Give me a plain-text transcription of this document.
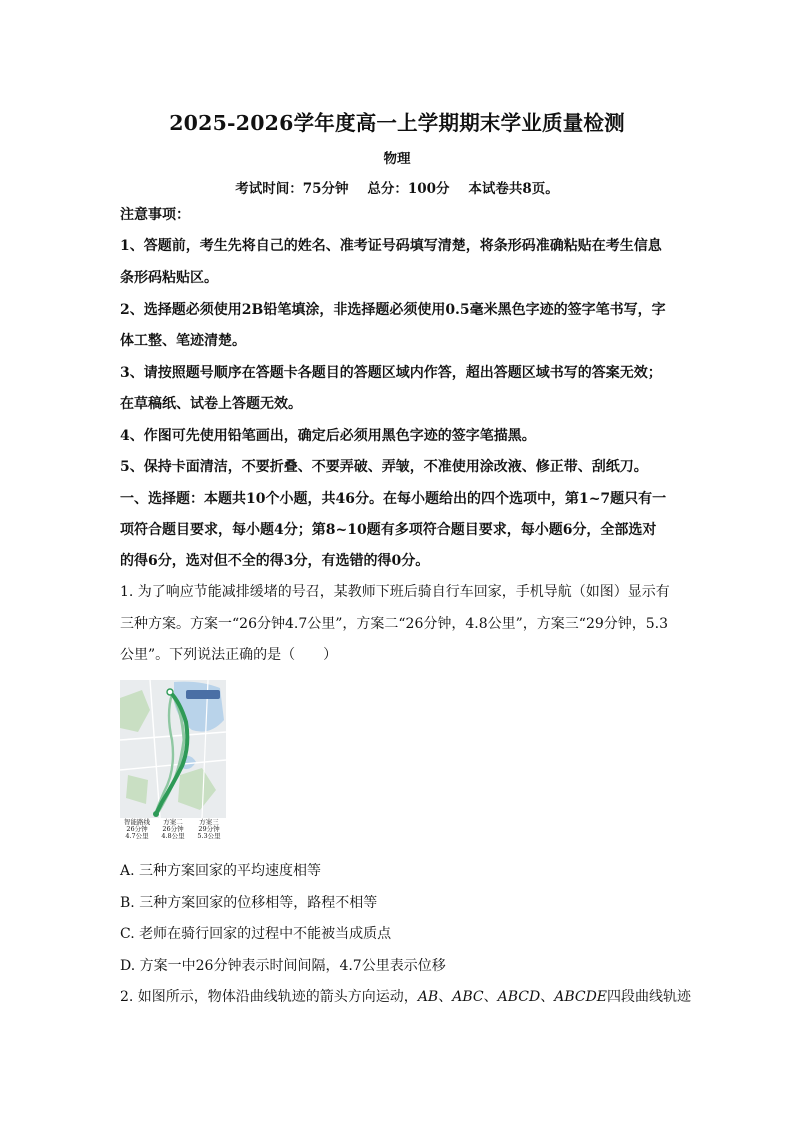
2025-2026学年度高一上学期期末学业质量检测
物理
考试时间：75分钟    总分：100分    本试卷共8页。
注意事项：
1、答题前，考生先将自己的姓名、准考证号码填写清楚，将条形码准确粘贴在考生信息
条形码粘贴区。
2、选择题必须使用2B铅笔填涂，非选择题必须使用0.5毫米黑色字迹的签字笔书写，字
体工整、笔迹清楚。
3、请按照题号顺序在答题卡各题目的答题区域内作答，超出答题区域书写的答案无效；
在草稿纸、试卷上答题无效。
4、作图可先使用铅笔画出，确定后必须用黑色字迹的签字笔描黑。
5、保持卡面清洁，不要折叠、不要弄破、弄皱，不准使用涂改液、修正带、刮纸刀。
一、选择题：本题共10个小题，共46分。在每小题给出的四个选项中，第1~7题只有一
项符合题目要求，每小题4分；第8~10题有多项符合题目要求，每小题6分，全部选对
的得6分，选对但不全的得3分，有选错的得0分。
1. 为了响应节能减排缓堵的号召，某教师下班后骑自行车回家，手机导航（如图）显示有
三种方案。方案一“26分钟4.7公里”，方案二“26分钟，4.8公里”，方案三“29分钟，5.3
公里”。下列说法正确的是（　　）
智能路线
26分钟
4.7公里
方案二
26分钟
4.8公里
方案三
29分钟
5.3公里
A. 三种方案回家的平均速度相等
B. 三种方案回家的位移相等，路程不相等
C. 老师在骑行回家的过程中不能被当成质点
D. 方案一中26分钟表示时间间隔，4.7公里表示位移
2. 如图所示，物体沿曲线轨迹的箭头方向运动，AB、ABC、ABCD、ABCDE四段曲线轨迹
